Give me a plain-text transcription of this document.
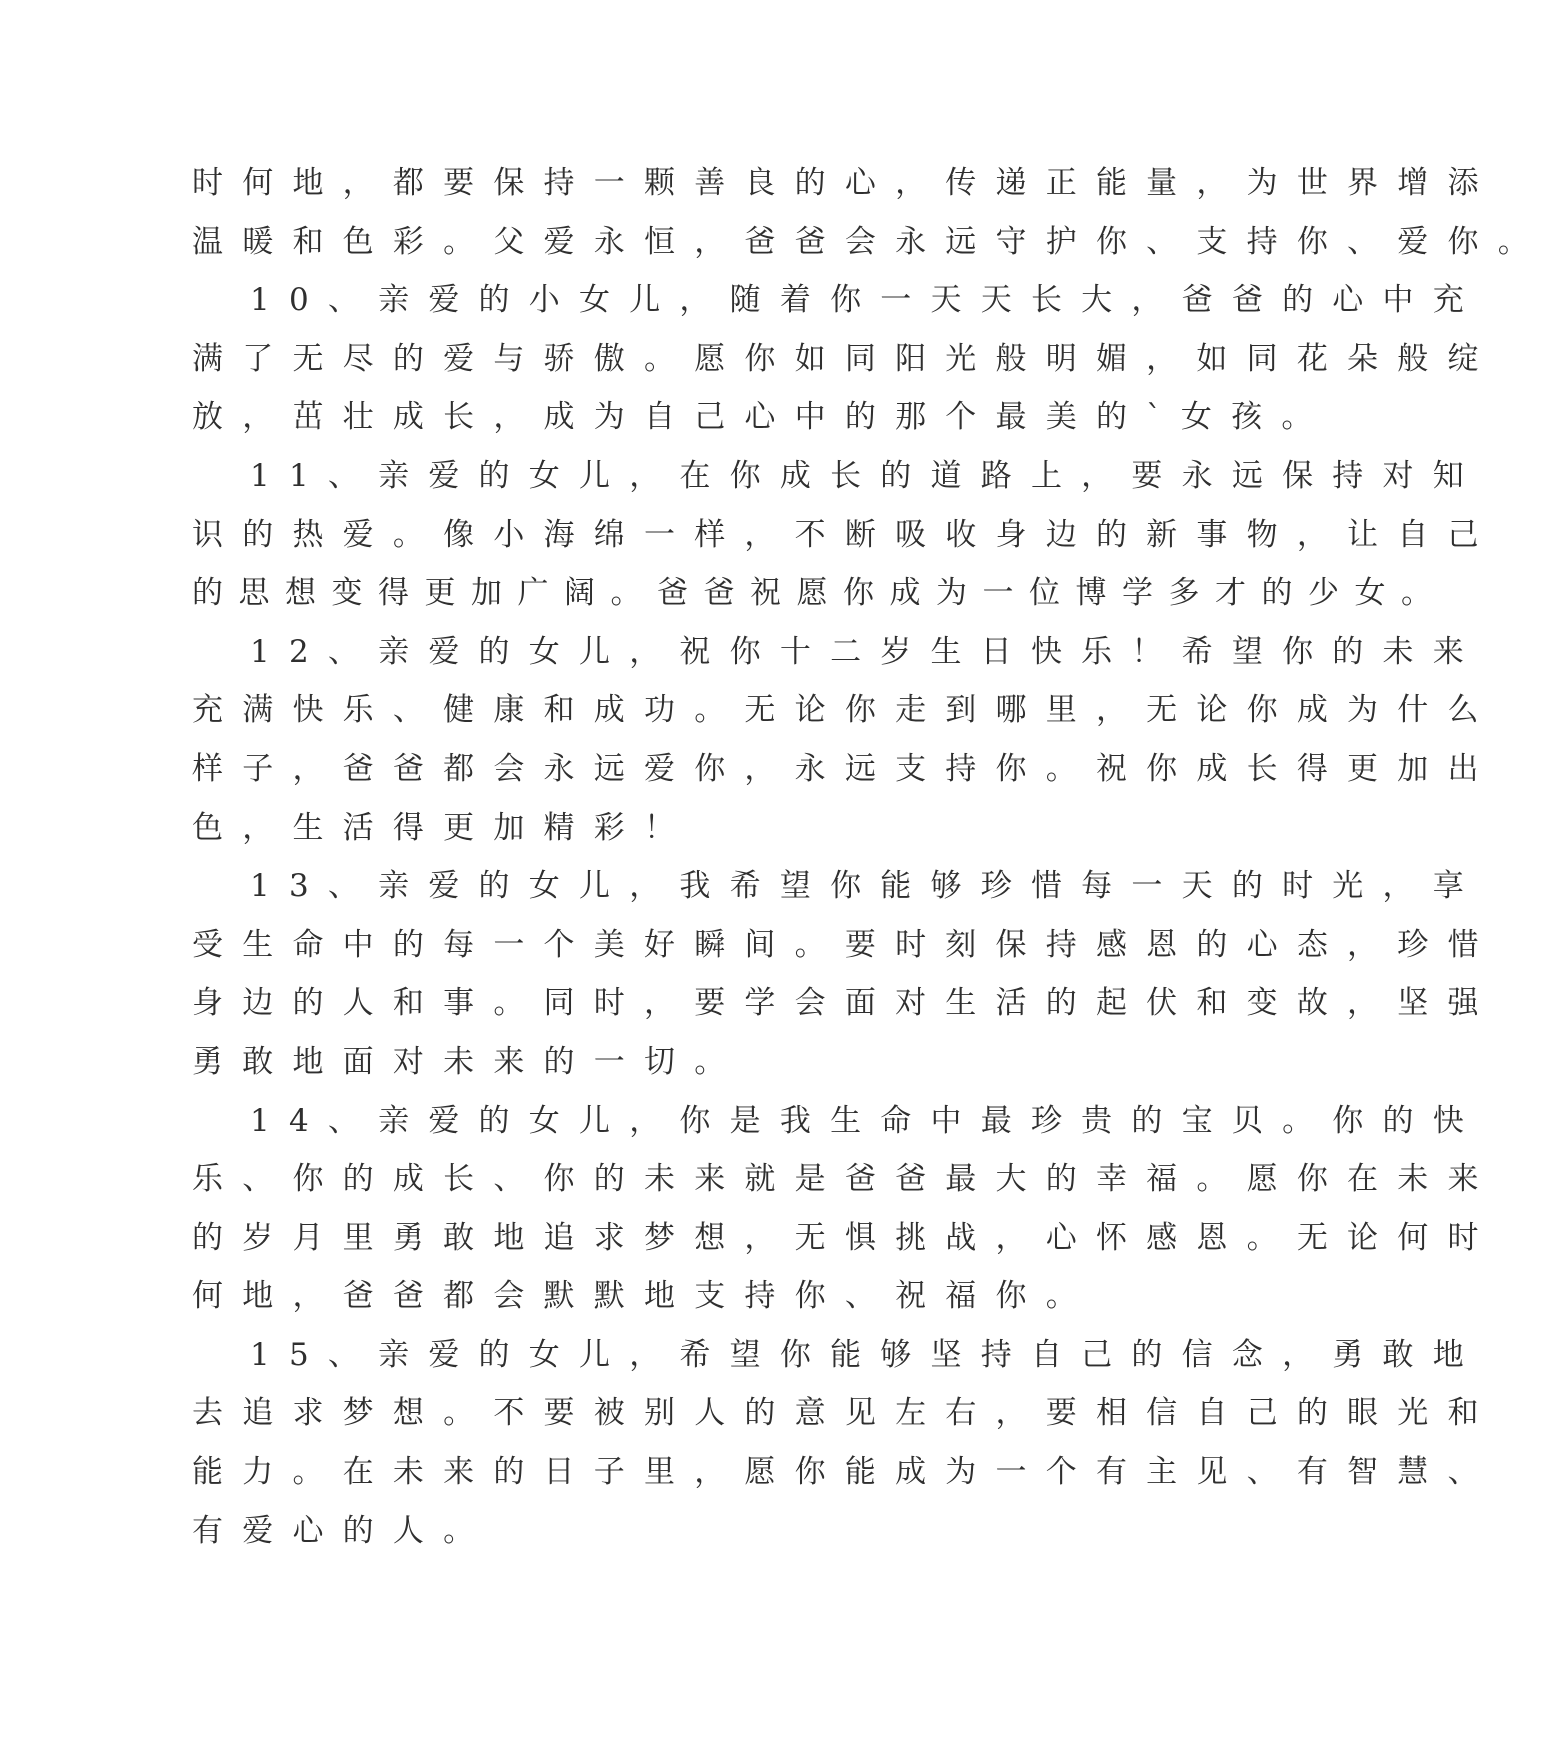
时何地，都要保持一颗善良的心，传递正能量，为世界增添

温暖和色彩。父爱永恒，爸爸会永远守护你、支持你、爱你。

10、亲爱的小女儿，随着你一天天长大，爸爸的心中充

满了无尽的爱与骄傲。愿你如同阳光般明媚，如同花朵般绽

放，茁壮成长，成为自己心中的那个最美的`女孩。

11、亲爱的女儿，在你成长的道路上，要永远保持对知

识的热爱。像小海绵一样，不断吸收身边的新事物，让自己

的思想变得更加广阔。爸爸祝愿你成为一位博学多才的少女。

12、亲爱的女儿，祝你十二岁生日快乐！希望你的未来

充满快乐、健康和成功。无论你走到哪里，无论你成为什么

样子，爸爸都会永远爱你，永远支持你。祝你成长得更加出

色，生活得更加精彩！

13、亲爱的女儿，我希望你能够珍惜每一天的时光，享

受生命中的每一个美好瞬间。要时刻保持感恩的心态，珍惜

身边的人和事。同时，要学会面对生活的起伏和变故，坚强

勇敢地面对未来的一切。

14、亲爱的女儿，你是我生命中最珍贵的宝贝。你的快

乐、你的成长、你的未来就是爸爸最大的幸福。愿你在未来

的岁月里勇敢地追求梦想，无惧挑战，心怀感恩。无论何时

何地，爸爸都会默默地支持你、祝福你。

15、亲爱的女儿，希望你能够坚持自己的信念，勇敢地

去追求梦想。不要被别人的意见左右，要相信自己的眼光和

能力。在未来的日子里，愿你能成为一个有主见、有智慧、

有爱心的人。
